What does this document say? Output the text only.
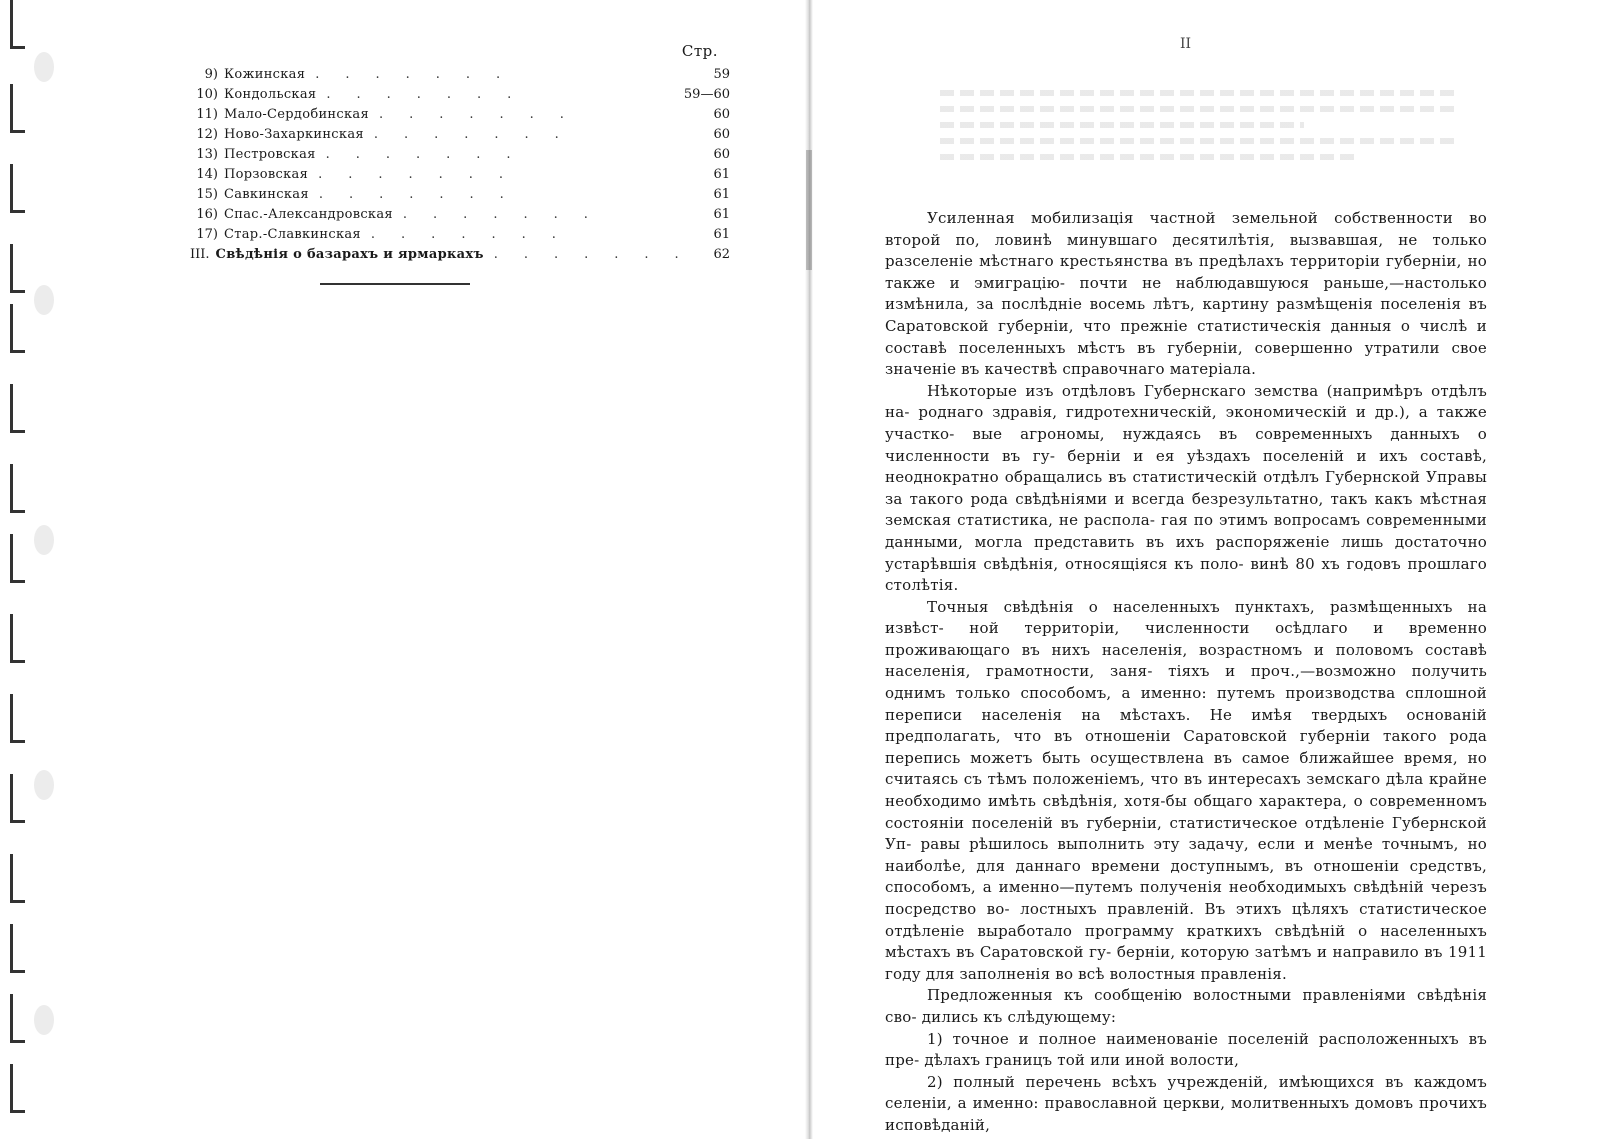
Стр.
9) Кожинская .......	59
10) Кондольская .......	59—60
11) Мало-Сердобинская .......	60
12) Ново-Захаркинская .......	60
13) Пестровская .......	60
14) Порзовская .......	61
15) Савкинская .......	61
16) Спас.-Александровская .......	61
17) Стар.-Славкинская .......	61
III. Свѣдѣнія о базарахъ и ярмаркахъ ....... 62
II

Усиленная мобилизація частной земельной собственности во второй по, ловинѣ минувшаго десятилѣтія, вызвавшая, не только разселеніе мѣстнаго крестьянства въ предѣлахъ территоріи губерніи, но также и эмиграцію- почти не наблюдавшуюся раньше,—настолько измѣнила, за послѣдніе восемь лѣтъ, картину размѣщенія поселенія въ Саратовской губерніи, что прежніе статистическія данныя о числѣ и составѣ поселенныхъ мѣстъ въ губерніи, совершенно утратили свое значеніе въ качествѣ справочнаго матеріала.

Нѣкоторые изъ отдѣловъ Губернскаго земства (напримѣръ отдѣлъ на- роднаго здравія, гидротехническій, экономическій и др.), а также участко- вые агрономы, нуждаясь въ современныхъ данныхъ о численности въ гу- берніи и ея уѣздахъ поселеній и ихъ составѣ, неоднократно обращались въ статистическій отдѣлъ Губернской Управы за такого рода свѣдѣніями и всегда безрезультатно, такъ какъ мѣстная земская статистика, не распола- гая по этимъ вопросамъ современными данными, могла представить въ ихъ распоряженіе лишь достаточно устарѣвшія свѣдѣнія, относящіяся къ поло- винѣ 80 хъ годовъ прошлаго столѣтія.

Точныя свѣдѣнія о населенныхъ пунктахъ, размѣщенныхъ на извѣст- ной территоріи, численности осѣдлаго и временно проживающаго въ нихъ населенія, возрастномъ и половомъ составѣ населенія, грамотности, заня- тіяхъ и проч.,—возможно получить однимъ только способомъ, а именно: путемъ производства сплошной переписи населенія на мѣстахъ. Не имѣя твердыхъ основаній предполагать, что въ отношеніи Саратовской губерніи такого рода перепись можетъ быть осуществлена въ самое ближайшее время, но считаясь съ тѣмъ положеніемъ, что въ интересахъ земскаго дѣла крайне необходимо имѣть свѣдѣнія, хотя-бы общаго характера, о современномъ состояніи поселеній въ губерніи, статистическое отдѣленіе Губернской Уп- равы рѣшилось выполнить эту задачу, если и менѣе точнымъ, но наиболѣе, для даннаго времени доступнымъ, въ отношеніи средствъ, способомъ, а именно—путемъ полученія необходимыхъ свѣдѣній черезъ посредство во- лостныхъ правленій. Въ этихъ цѣляхъ статистическое отдѣленіе выработало программу краткихъ свѣдѣній о населенныхъ мѣстахъ въ Саратовской гу- берніи, которую затѣмъ и направило въ 1911 году для заполненія во всѣ волостныя правленія.

Предложенныя къ сообщенію волостными правленіями свѣдѣнія сво- дились къ слѣдующему:

1) точное и полное наименованіе поселеній расположенныхъ въ пре- дѣлахъ границъ той или иной волости,

2) полный перечень всѣхъ учрежденій, имѣющихся въ каждомъ селеніи, а именно: православной церкви, молитвенныхъ домовъ прочихъ исповѣданій,
